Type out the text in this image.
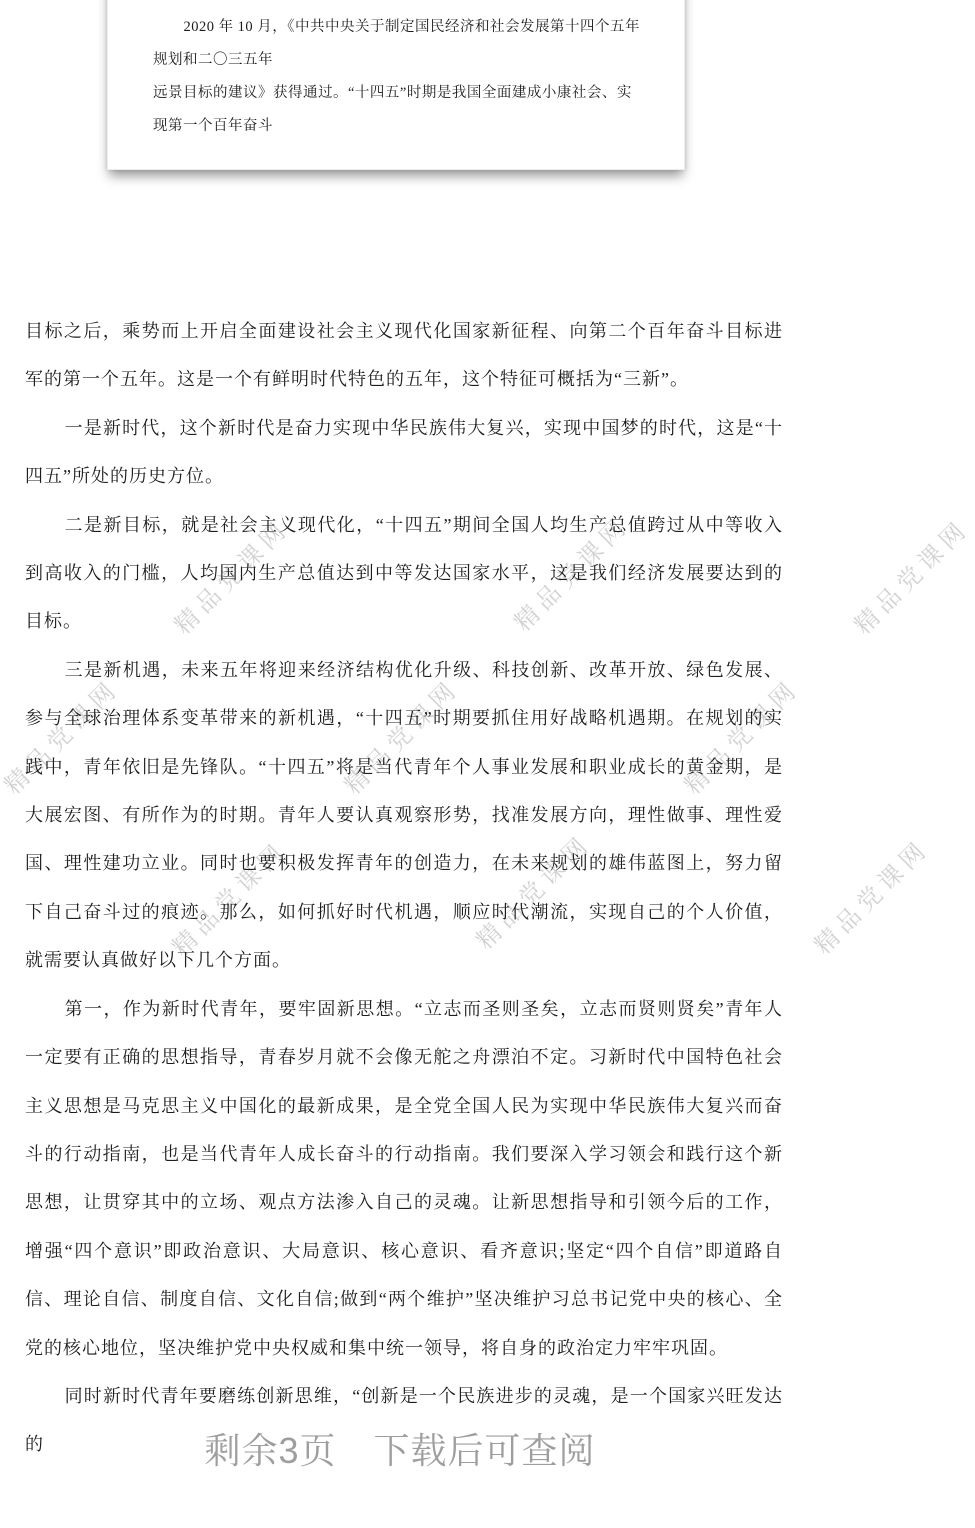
2020 年 10 月，《中共中央关于制定国民经济和社会发展第十四个五年规划和二〇三五年
远景目标的建议》获得通过。“十四五”时期是我国全面建成小康社会、实现第一个百年奋斗
精品党课网	精品党课网	精品党课网
精品党课网	精品党课网	精品党课网
精品党课网	精品党课网	精品党课网

目标之后，乘势而上开启全面建设社会主义现代化国家新征程、向第二个百年奋斗目标进军的第一个五年。这是一个有鲜明时代特色的五年，这个特征可概括为“三新”。

一是新时代，这个新时代是奋力实现中华民族伟大复兴，实现中国梦的时代，这是“十四五”所处的历史方位。

二是新目标，就是社会主义现代化，“十四五”期间全国人均生产总值跨过从中等收入到高收入的门槛，人均国内生产总值达到中等发达国家水平，这是我们经济发展要达到的目标。

三是新机遇，未来五年将迎来经济结构优化升级、科技创新、改革开放、绿色发展、参与全球治理体系变革带来的新机遇，“十四五”时期要抓住用好战略机遇期。在规划的实践中，青年依旧是先锋队。“十四五”将是当代青年个人事业发展和职业成长的黄金期，是大展宏图、有所作为的时期。青年人要认真观察形势，找准发展方向，理性做事、理性爱国、理性建功立业。同时也要积极发挥青年的创造力，在未来规划的雄伟蓝图上，努力留下自己奋斗过的痕迹。那么，如何抓好时代机遇，顺应时代潮流，实现自己的个人价值，就需要认真做好以下几个方面。

第一，作为新时代青年，要牢固新思想。“立志而圣则圣矣，立志而贤则贤矣”青年人一定要有正确的思想指导，青春岁月就不会像无舵之舟漂泊不定。习新时代中国特色社会主义思想是马克思主义中国化的最新成果，是全党全国人民为实现中华民族伟大复兴而奋斗的行动指南，也是当代青年人成长奋斗的行动指南。我们要深入学习领会和践行这个新思想，让贯穿其中的立场、观点方法渗入自己的灵魂。让新思想指导和引领今后的工作，增强“四个意识”即政治意识、大局意识、核心意识、看齐意识;坚定“四个自信”即道路自信、理论自信、制度自信、文化自信;做到“两个维护”坚决维护习总书记党中央的核心、全党的核心地位，坚决维护党中央权威和集中统一领导，将自身的政治定力牢牢巩固。

同时新时代青年要磨练创新思维，“创新是一个民族进步的灵魂，是一个国家兴旺发达的	剩余3页 下载后可查阅
